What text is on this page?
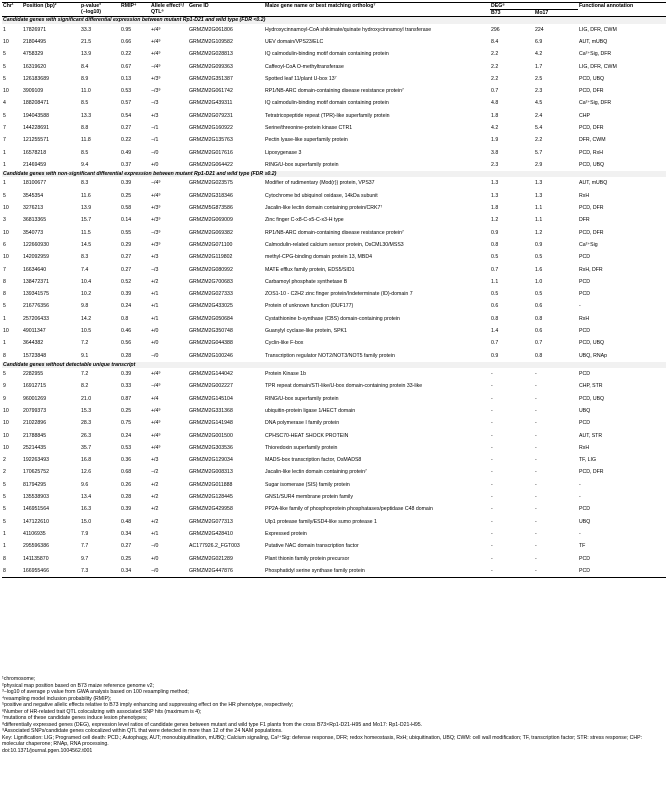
Chr¹	Position (bp)²	p-value³ (−log10)	RMIP⁴	Allele effect⁵/ QTL⁶	Gene ID	Maize gene name or best matching ortholog⁷	DEG⁸		Functional annotation
							B73	Mo17	
Candidate genes with significant differential expression between mutant Rp1-D21 and wild type (FDR <0.2)									
1	17826971	33.3	0.95	+/4⁹	GRMZM2G061806	Hydroxycinnamoyl-CoA shikimate/quinate hydroxycinnamoyl transferase	296	224	LIG, DFR, CWM
10	21804495	21.5	0.66	+/4⁹	GRMZM2G109582	UEV domain/VPS23/ELC	8.4	6.9	AUT, mUBQ
5	4758329	13.9	0.22	+/4⁹	GRMZM2G028813	IQ calmodulin-binding motif domain containing protein	2.2	4.2	Ca²⁺Sig, DFR
5	16319620	8.4	0.67	−/4⁹	GRMZM2G099363	Caffeoyl-CoA O-methyltransferase	2.2	1.7	LIG, DFR, CWM
5	126183689	8.9	0.13	+/3⁹	GRMZM2G351387	Spotted leaf 11/plant U-box 13⁷	2.2	2.5	PCD, UBQ
10	3909109	11.0	0.53	−/3⁹	GRMZM2G061742	RP1/NB-ARC domain-containing disease resistance protein⁷	0.7	2.3	PCD, DFR
4	188208471	8.5	0.57	−/3	GRMZM2G439311	IQ calmodulin-binding motif domain containing protein	4.8	4.5	Ca²⁺Sig, DFR
5	194043588	13.3	0.54	+/3	GRMZM2G079231	Tetratricopeptide repeat (TPR)-like superfamily protein	1.8	2.4	CHP
7	144228691	8.8	0.27	−/1	GRMZM2G160922	Serine/threonine-protein kinase CTR1	4.2	5.4	PCD, DFR
7	121255571	11.8	0.22	−/1	GRMZM2G135763	Pectin lyase-like superfamily protein	1.9	2.2	DFR, CWM
1	16578218	8.5	0.49	−/0	GRMZM2G017616	Lipoxygenase 3	3.8	5.7	PCD, RxH
1	21469459	9.4	0.37	+/0	GRMZM2G064422	RING/U-box superfamily protein	2.3	2.9	PCD, UBQ
Candidate genes with non-significant differential expression between mutant Rp1-D21 and wild type (FDR ≥0.2)									
1	18100677	8.3	0.39	−/4⁹	GRMZM2G023575	Modifier of rudimentary (Mod(r)) protein, VPS37	1.3	1.3	AUT, mUBQ
5	3545354	11.6	0.25	+/4⁹	GRMZM2G318346	Cytochrome bd ubiquinol oxidase, 14kDa subunit	1.3	1.3	RxH
10	3276213	13.9	0.58	+/3⁹	GRMZM5G873586	Jacalin-like lectin domain containing protein/CRK7⁷	1.8	1.1	PCD, DFR
3	36813365	15.7	0.14	+/3⁹	GRMZM2G069009	Zinc finger C-x8-C-x5-C-x3-H type	1.2	1.1	DFR
10	3540773	11.5	0.55	−/3⁹	GRMZM2G069382	RP1/NB-ARC domain-containing disease resistance protein⁷	0.9	1.2	PCD, DFR
6	122660930	14.5	0.29	+/3⁹	GRMZM2G071100	Calmodulin-related calcium sensor protein, OsCML30/MSS3	0.8	0.9	Ca²⁺Sig
10	142092959	8.3	0.27	+/3	GRMZM2G119802	methyl-CPG-binding domain protein 13, MBD4	0.5	0.5	PCD
7	16634640	7.4	0.27	−/3	GRMZM2G080992	MATE efflux family protein, EDS5/SID1	0.7	1.6	RxH, DFR
8	138472371	10.4	0.52	+/2	GRMZM2G700683	Carbamoyl phosphate synthetase B	1.1	1.0	PCD
8	139341575	10.2	0.39	+/1	GRMZM2G027333	ZOS1-10 - C2H2 zinc finger protein/Indeterminate (ID)-domain 7	0.5	0.5	PCD
5	216776356	9.8	0.24	+/1	GRMZM2G433025	Protein of unknown function (DUF177)	0.6	0.6	-
1	257206433	14.2	0.8	+/1	GRMZM2G050684	Cystathionine b-synthase (CBS) domain-containing protein	0.8	0.8	RxH
10	49011347	10.5	0.46	+/0	GRMZM2G350748	Guanylyl cyclase-like protein, SPK1	1.4	0.6	PCD
1	3644382	7.2	0.56	+/0	GRMZM2G044388	Cyclin-like F-box	0.7	0.7	PCD, UBQ
8	15723848	9.1	0.28	−/0	GRMZM2G100246	Transcription regulator NOT2/NOT3/NOT5 family protein	0.9	0.8	UBQ, RNAp
Candidate genes without detectable unique transcript									
5	2282955	7.2	0.39	+/4⁹	GRMZM2G144042	Protein Kinase 1b	-	-	PCD
9	16912715	8.2	0.33	−/4⁹	GRMZM2G002227	TPR repeat domain/STI-like/U-box domain-containing protein 33-like	-	-	CHP, STR
9	96001269	21.0	0.87	+/4	GRMZM2G145104	RING/U-box superfamily protein	-	-	PCD, UBQ
10	20799373	15.3	0.25	+/4⁹	GRMZM2G331368	ubiquitin-protein ligase 1/HECT domain	-	-	UBQ
10	21022896	28.3	0.75	+/4⁹	GRMZM2G141948	DNA polymerase I family protein	-	-	PCD
10	21788845	26.3	0.24	+/4⁹	GRMZM2G001500	CPHSC70-HEAT SHOCK PROTEIN	-	-	AUT, STR
10	25214435	35.7	0.53	+/4⁹	GRMZM2G303536	Thioredoxin superfamily protein	-	-	RxH
2	192263493	16.8	0.36	+/3	GRMZM2G129034	MADS-box transcription factor, OsMADS8	-	-	TF, LIG
2	170625752	12.6	0.68	−/2	GRMZM2G008313	Jacalin-like lectin domain containing protein⁷	-	-	PCD, DFR
5	81794295	9.6	0.26	+/2	GRMZM2G011888	Sugar isomerase (SIS) family protein	-	-	-
5	135538903	13.4	0.28	+/2	GRMZM2G128445	GNS1/SUR4 membrane protein family	-	-	-
5	146951564	16.3	0.39	+/2	GRMZM2G429958	PP2A-like family of phosphoprotein phosphatases/peptidase C48 domain	-	-	PCD
5	147122610	15.0	0.48	+/2	GRMZM2G077313	Ulp1 protease family/ESD4-like sumo protease 1	-	-	UBQ
1	41106935	7.9	0.34	+/1	GRMZM2G428410	Expressed protein	-	-	-
1	295596386	7.7	0.27	−/0	AC177926.2_FGT003	Putative NAC domain transcription factor	-	-	TF
8	141135870	9.7	0.25	+/0	GRMZM2G021289	Plant thionin family protein precursor	-	-	PCD
8	166955466	7.3	0.34	−/0	GRMZM2G447876	Phosphatidyl serine synthase family protein	-	-	PCD
¹chromosome;
²physical map position based on B73 maize reference genome v2;
³−log10 of average p value from GWA analysis based on 100 resampling method;
⁴resampling model inclusion probability (RMIP);
⁵positive and negative allelic effects relative to B73 imply enhancing and suppressing effect on the HR phenotype, respectively;
⁶Number of HR-related trait QTL colocalizing with associated SNP hits (maximum is 4);
⁷mutations of these candidate genes induce lesion phenotypes;
⁸differentially expressed genes (DEG), expression level ratios of candidate genes between mutant and wild type F1 plants from the cross B73×Rp1-D21-H95 and Mo17: Rp1-D21-H95.
⁹Associated SNPs/candidate genes colocalized within QTL that were detected in more than 12 of the 24 NAM populations.
Key: Lignification: LIG; Programed cell death: PCD.; Autophagy, AUT; monoubiquitination, mUBQ; Calcium signaling, Ca²⁺Sig: defense response, DFR; redox homeostasis, RxH; ubiquitination, UBQ; CWM: cell wall modification; TF, transcription factor; STR: stress response; CHP: molecular chaperone; RNAp, RNA processing.
doi:10.1371/journal.pgen.1004562.t001
